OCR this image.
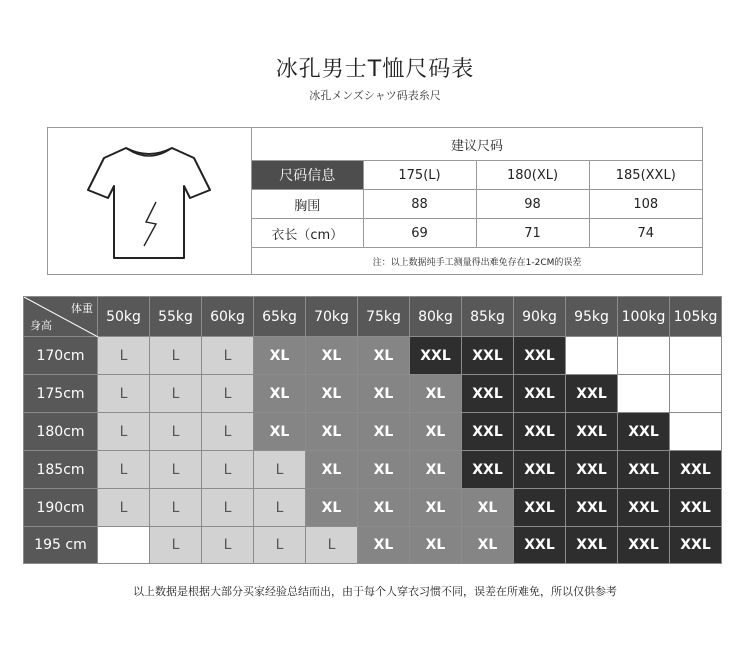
冰孔男士T恤尺码表
冰孔メンズシャツ码表糸尺
建议尺码			
尺码信息	175(L)	180(XL)	185(XXL)
胸围	88	98	108
衣长（cm）	69	71	74
注：以上数据纯手工测量得出难免存在1-2CM的误差			
体重
身高	50kg	55kg	60kg	65kg	70kg	75kg	80kg	85kg	90kg	95kg	100kg	105kg
170cm	L	L	L	XL	XL	XL	XXL	XXL	XXL			
175cm	L	L	L	XL	XL	XL	XL	XXL	XXL	XXL		
180cm	L	L	L	XL	XL	XL	XL	XXL	XXL	XXL	XXL	
185cm	L	L	L	L	XL	XL	XL	XXL	XXL	XXL	XXL	XXL
190cm	L	L	L	L	XL	XL	XL	XL	XXL	XXL	XXL	XXL
195 cm		L	L	L	L	XL	XL	XL	XXL	XXL	XXL	XXL
以上数据是根据大部分买家经验总结而出，由于每个人穿衣习惯不同，误差在所难免，所以仅供参考
